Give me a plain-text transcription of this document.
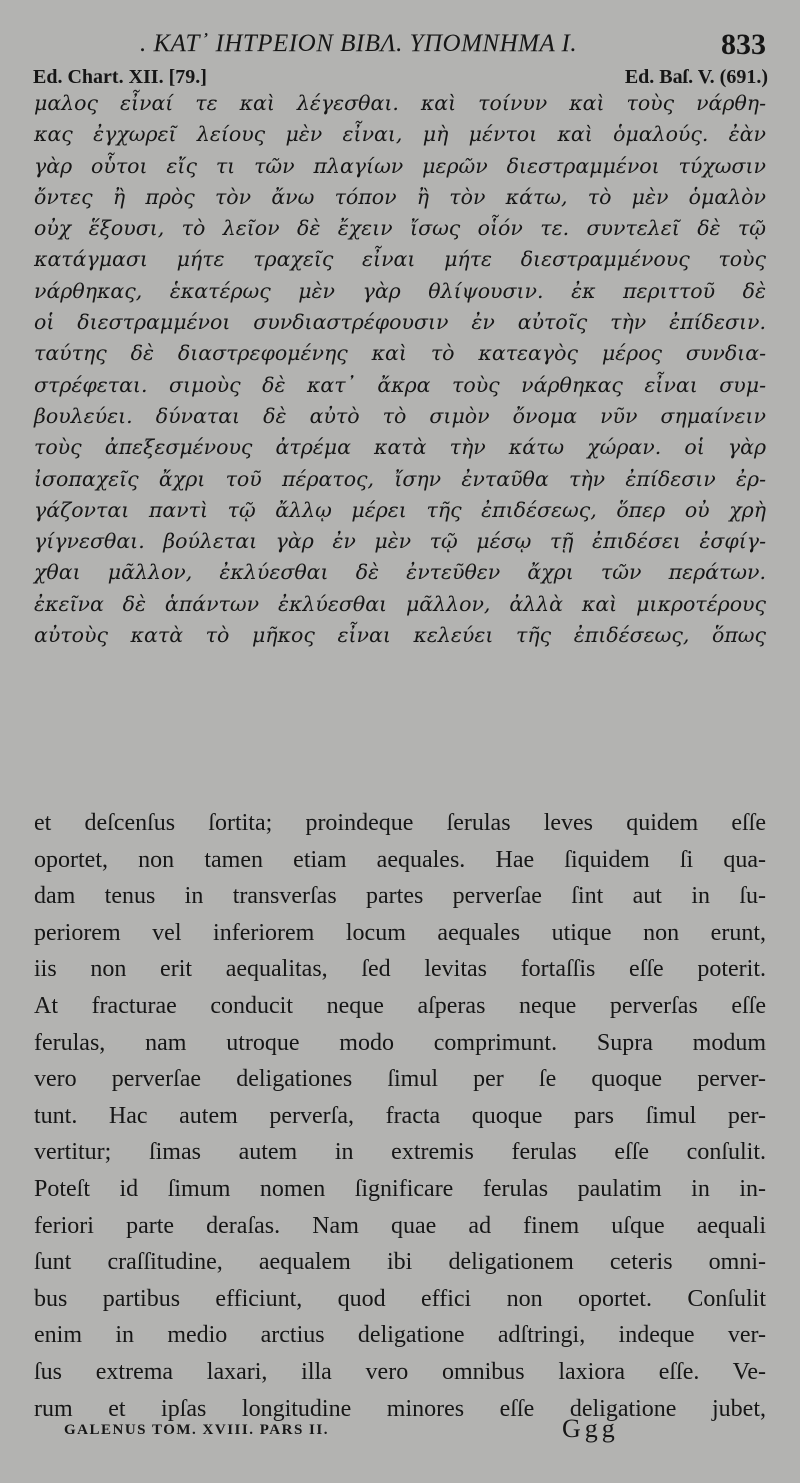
. ΚΑΤ᾽ ΙΗΤΡΕΙΟΝ ΒΙΒΛ. ΥΠΟΜΝΗΜΑ Ι.	833
Ed. Chart. XII. [79.]	Ed. Baſ. V. (691.)
μαλος εἶναί τε καὶ λέγεσθαι. καὶ τοίνυν καὶ τοὺς νάρθη-
κας ἐγχωρεῖ λείους μὲν εἶναι, μὴ μέντοι καὶ ὁμαλούς. ἐὰν
γὰρ οὗτοι εἴς τι τῶν πλαγίων μερῶν διεστραμμένοι τύχωσιν
ὄντες ἢ πρὸς τὸν ἄνω τόπον ἢ τὸν κάτω, τὸ μὲν ὁμαλὸν
οὐχ ἕξουσι, τὸ λεῖον δὲ ἔχειν ἴσως οἷόν τε. συντελεῖ δὲ τῷ
κατάγμασι μήτε τραχεῖς εἶναι μήτε διεστραμμένους τοὺς
νάρθηκας, ἑκατέρως μὲν γὰρ θλίψουσιν. ἐκ περιττοῦ δὲ
οἱ διεστραμμένοι συνδιαστρέφουσιν ἐν αὐτοῖς τὴν ἐπίδεσιν.
ταύτης δὲ διαστρεφομένης καὶ τὸ κατεαγὸς μέρος συνδια-
στρέφεται. σιμοὺς δὲ κατ᾽ ἄκρα τοὺς νάρθηκας εἶναι συμ-
βουλεύει. δύναται δὲ αὐτὸ τὸ σιμὸν ὄνομα νῦν σημαίνειν
τοὺς ἀπεξεσμένους ἀτρέμα κατὰ τὴν κάτω χώραν. οἱ γὰρ
ἰσοπαχεῖς ἄχρι τοῦ πέρατος, ἴσην ἐνταῦθα τὴν ἐπίδεσιν ἐρ-
γάζονται παντὶ τῷ ἄλλῳ μέρει τῆς ἐπιδέσεως, ὅπερ οὐ χρὴ
γίγνεσθαι. βούλεται γὰρ ἐν μὲν τῷ μέσῳ τῇ ἐπιδέσει ἐσφίγ-
χθαι μᾶλλον, ἐκλύεσθαι δὲ ἐντεῦθεν ἄχρι τῶν περάτων.
ἐκεῖνα δὲ ἁπάντων ἐκλύεσθαι μᾶλλον, ἀλλὰ καὶ μικροτέρους
αὐτοὺς κατὰ τὸ μῆκος εἶναι κελεύει τῆς ἐπιδέσεως, ὅπως
et deſcenſus ſortita; proindeque ſerulas leves quidem eſſe
oportet, non tamen etiam aequales. Hae ſiquidem ſi qua-
dam tenus in transverſas partes perverſae ſint aut in ſu-
periorem vel inferiorem locum aequales utique non erunt,
iis non erit aequalitas, ſed levitas fortaſſis eſſe poterit.
At fracturae conducit neque aſperas neque perverſas eſſe
ferulas, nam utroque modo comprimunt. Supra modum
vero perverſae deligationes ſimul per ſe quoque perver-
tunt. Hac autem perverſa, fracta quoque pars ſimul per-
vertitur; ſimas autem in extremis ferulas eſſe conſulit.
Poteſt id ſimum nomen ſignificare ferulas paulatim in in-
feriori parte deraſas. Nam quae ad finem uſque aequali
ſunt craſſitudine, aequalem ibi deligationem ceteris omni-
bus partibus efficiunt, quod effici non oportet. Conſulit
enim in medio arctius deligatione adſtringi, indeque ver-
ſus extrema laxari, illa vero omnibus laxiora eſſe. Ve-
rum et ipſas longitudine minores eſſe deligatione jubet,
GALENUS TOM. XVIII. PARS II.	Ggg
